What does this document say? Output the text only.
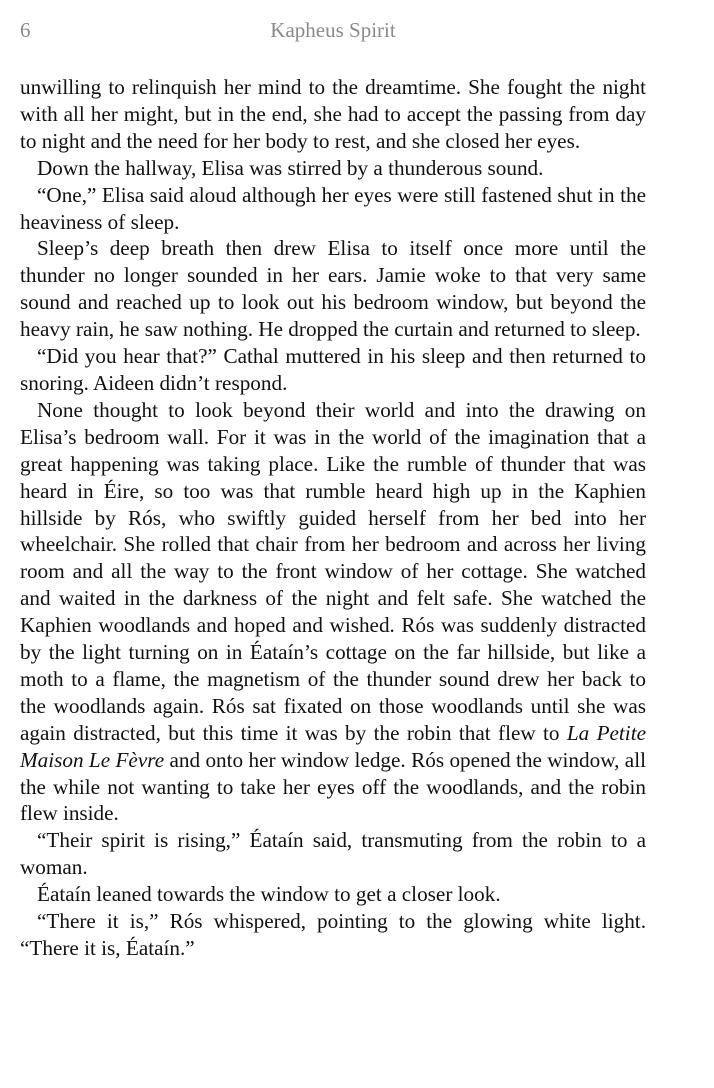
6	Kapheus Spirit

unwilling to relinquish her mind to the dreamtime. She fought the night with all her might, but in the end, she had to accept the passing from day to night and the need for her body to rest, and she closed her eyes.

Down the hallway, Elisa was stirred by a thunderous sound.

“One,” Elisa said aloud although her eyes were still fastened shut in the heaviness of sleep.

Sleep’s deep breath then drew Elisa to itself once more until the thunder no longer sounded in her ears. Jamie woke to that very same sound and reached up to look out his bedroom window, but beyond the heavy rain, he saw nothing. He dropped the curtain and returned to sleep.

“Did you hear that?” Cathal muttered in his sleep and then returned to snoring. Aideen didn’t respond.

None thought to look beyond their world and into the drawing on Elisa’s bedroom wall. For it was in the world of the imagination that a great happening was taking place. Like the rumble of thunder that was heard in Éire, so too was that rumble heard high up in the Kaphien hillside by Rós, who swiftly guided herself from her bed into her wheelchair. She rolled that chair from her bedroom and across her living room and all the way to the front window of her cottage. She watched and waited in the darkness of the night and felt safe. She watched the Kaphien woodlands and hoped and wished. Rós was suddenly distracted by the light turning on in Éataín’s cottage on the far hillside, but like a moth to a flame, the magnetism of the thunder sound drew her back to the woodlands again. Rós sat fixated on those woodlands until she was again distracted, but this time it was by the robin that flew to La Petite Maison Le Fèvre and onto her window ledge. Rós opened the window, all the while not wanting to take her eyes off the woodlands, and the robin flew inside.

“Their spirit is rising,” Éataín said, transmuting from the robin to a woman.

Éataín leaned towards the window to get a closer look.

“There it is,” Rós whispered, pointing to the glowing white light. “There it is, Éataín.”
